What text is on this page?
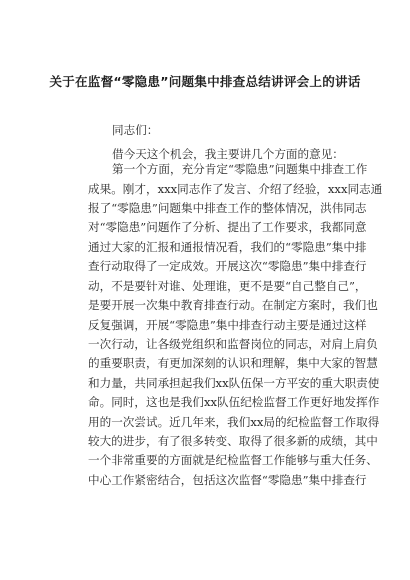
关于在监督“零隐患”问题集中排查总结讲评会上的讲话
同志们：
借今天这个机会，我主要讲几个方面的意见：
第一个方面，充分肯定“零隐患”问题集中排查工作
成果。刚才，xxx同志作了发言、介绍了经验，xxx同志通
报了“零隐患”问题集中排查工作的整体情况，洪伟同志
对“零隐患”问题作了分析、提出了工作要求，我都同意
通过大家的汇报和通报情况看，我们的“零隐患”集中排
查行动取得了一定成效。开展这次“零隐患”集中排查行
动，不是要针对谁、处理谁，更不是要“自己整自己”，
是要开展一次集中教育排查行动。在制定方案时，我们也
反复强调，开展“零隐患”集中排查行动主要是通过这样
一次行动，让各级党组织和监督岗位的同志，对肩上肩负
的重要职责，有更加深刻的认识和理解，集中大家的智慧
和力量，共同承担起我们xx队伍保一方平安的重大职责使
命。同时，这也是我们xx队伍纪检监督工作更好地发挥作
用的一次尝试。近几年来，我们xx局的纪检监督工作取得
较大的进步，有了很多转变、取得了很多新的成绩，其中
一个非常重要的方面就是纪检监督工作能够与重大任务、
中心工作紧密结合，包括这次监督“零隐患”集中排查行
